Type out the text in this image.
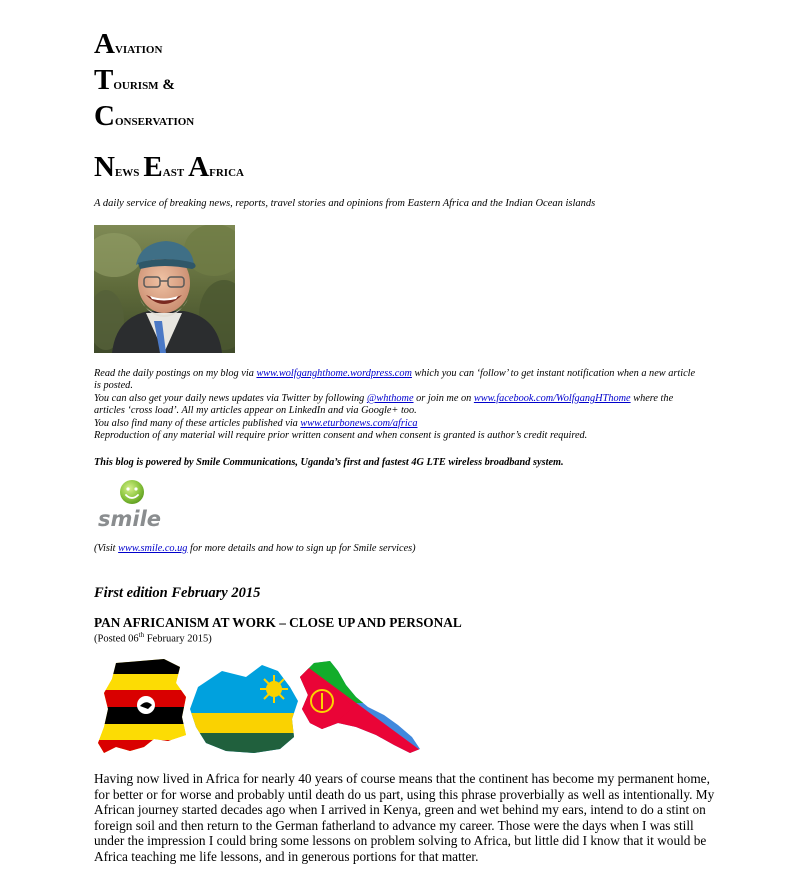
Aviation
Tourism &
Conservation
News East Africa
A daily service of breaking news, reports, travel stories and opinions from Eastern Africa and the Indian Ocean islands

Read the daily postings on my blog via www.wolfganghthome.wordpress.com which you can ‘follow’ to get instant notification when a new article is posted.

You can also get your daily news updates via Twitter by following @whthome or join me on www.facebook.com/WolfgangHThome where the articles ‘cross load’. All my articles appear on LinkedIn and via Google+ too.

You also find many of these articles published via www.eturbonews.com/africa

Reproduction of any material will require prior written consent and when consent is granted is author’s credit required.

This blog is powered by Smile Communications, Uganda’s first and fastest 4G LTE wireless broadband system.
smile
(Visit www.smile.co.ug for more details and how to sign up for Smile services)
First edition February 2015
PAN AFRICANISM AT WORK – CLOSE UP AND PERSONAL
(Posted 06th February 2015)

Having now lived in Africa for nearly 40 years of course means that the continent has become my permanent home, for better or for worse and probably until death do us part, using this phrase proverbially as well as intentionally. My African journey started decades ago when I arrived in Kenya, green and wet behind my ears, intend to do a stint on foreign soil and then return to the German fatherland to advance my career. Those were the days when I was still under the impression I could bring some lessons on problem solving to Africa, but little did I know that it would be Africa teaching me life lessons, and in generous portions for that matter.
